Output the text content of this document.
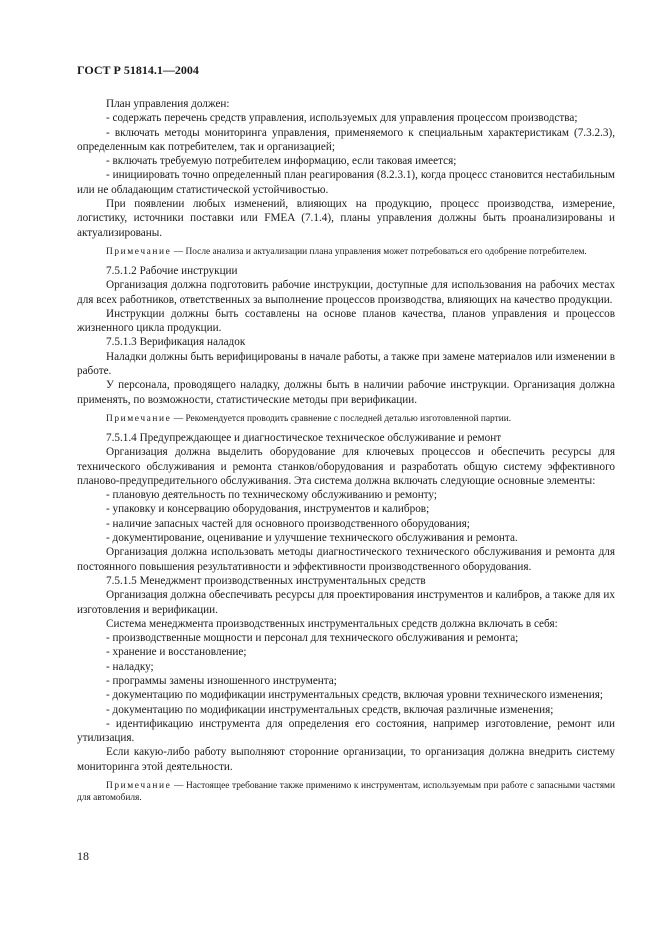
ГОСТ Р 51814.1—2004

План управления должен:

- содержать перечень средств управления, используемых для управления процессом производства;

- включать методы мониторинга управления, применяемого к специальным характеристикам (7.3.2.3), определенным как потребителем, так и организацией;

- включать требуемую потребителем информацию, если таковая имеется;

- инициировать точно определенный план реагирования (8.2.3.1), когда процесс становится нестабильным или не обладающим статистической устойчивостью.

При появлении любых изменений, влияющих на продукцию, процесс производства, измерение, логистику, источники поставки или FMEA (7.1.4), планы управления должны быть проанализированы и актуализированы.

Примечание — После анализа и актуализации плана управления может потребоваться его одобрение потребителем.

7.5.1.2 Рабочие инструкции

Организация должна подготовить рабочие инструкции, доступные для использования на рабочих местах для всех работников, ответственных за выполнение процессов производства, влияющих на качество продукции.

Инструкции должны быть составлены на основе планов качества, планов управления и процессов жизненного цикла продукции.

7.5.1.3 Верификация наладок

Наладки должны быть верифицированы в начале работы, а также при замене материалов или изменении в работе.

У персонала, проводящего наладку, должны быть в наличии рабочие инструкции. Организация должна применять, по возможности, статистические методы при верификации.

Примечание — Рекомендуется проводить сравнение с последней деталью изготовленной партии.

7.5.1.4 Предупреждающее и диагностическое техническое обслуживание и ремонт

Организация должна выделить оборудование для ключевых процессов и обеспечить ресурсы для технического обслуживания и ремонта станков/оборудования и разработать общую систему эффективного планово-предупредительного обслуживания. Эта система должна включать следующие основные элементы:

- плановую деятельность по техническому обслуживанию и ремонту;

- упаковку и консервацию оборудования, инструментов и калибров;

- наличие запасных частей для основного производственного оборудования;

- документирование, оценивание и улучшение технического обслуживания и ремонта.

Организация должна использовать методы диагностического технического обслуживания и ремонта для постоянного повышения результативности и эффективности производственного оборудования.

7.5.1.5 Менеджмент производственных инструментальных средств

Организация должна обеспечивать ресурсы для проектирования инструментов и калибров, а также для их изготовления и верификации.

Система менеджмента производственных инструментальных средств должна включать в себя:

- производственные мощности и персонал для технического обслуживания и ремонта;

- хранение и восстановление;

- наладку;

- программы замены изношенного инструмента;

- документацию по модификации инструментальных средств, включая уровни технического изменения;

- документацию по модификации инструментальных средств, включая различные изменения;

- идентификацию инструмента для определения его состояния, например изготовление, ремонт или утилизация.

Если какую-либо работу выполняют сторонние организации, то организация должна внедрить систему мониторинга этой деятельности.

Примечание — Настоящее требование также применимо к инструментам, используемым при работе с запасными частями для автомобиля.

18
